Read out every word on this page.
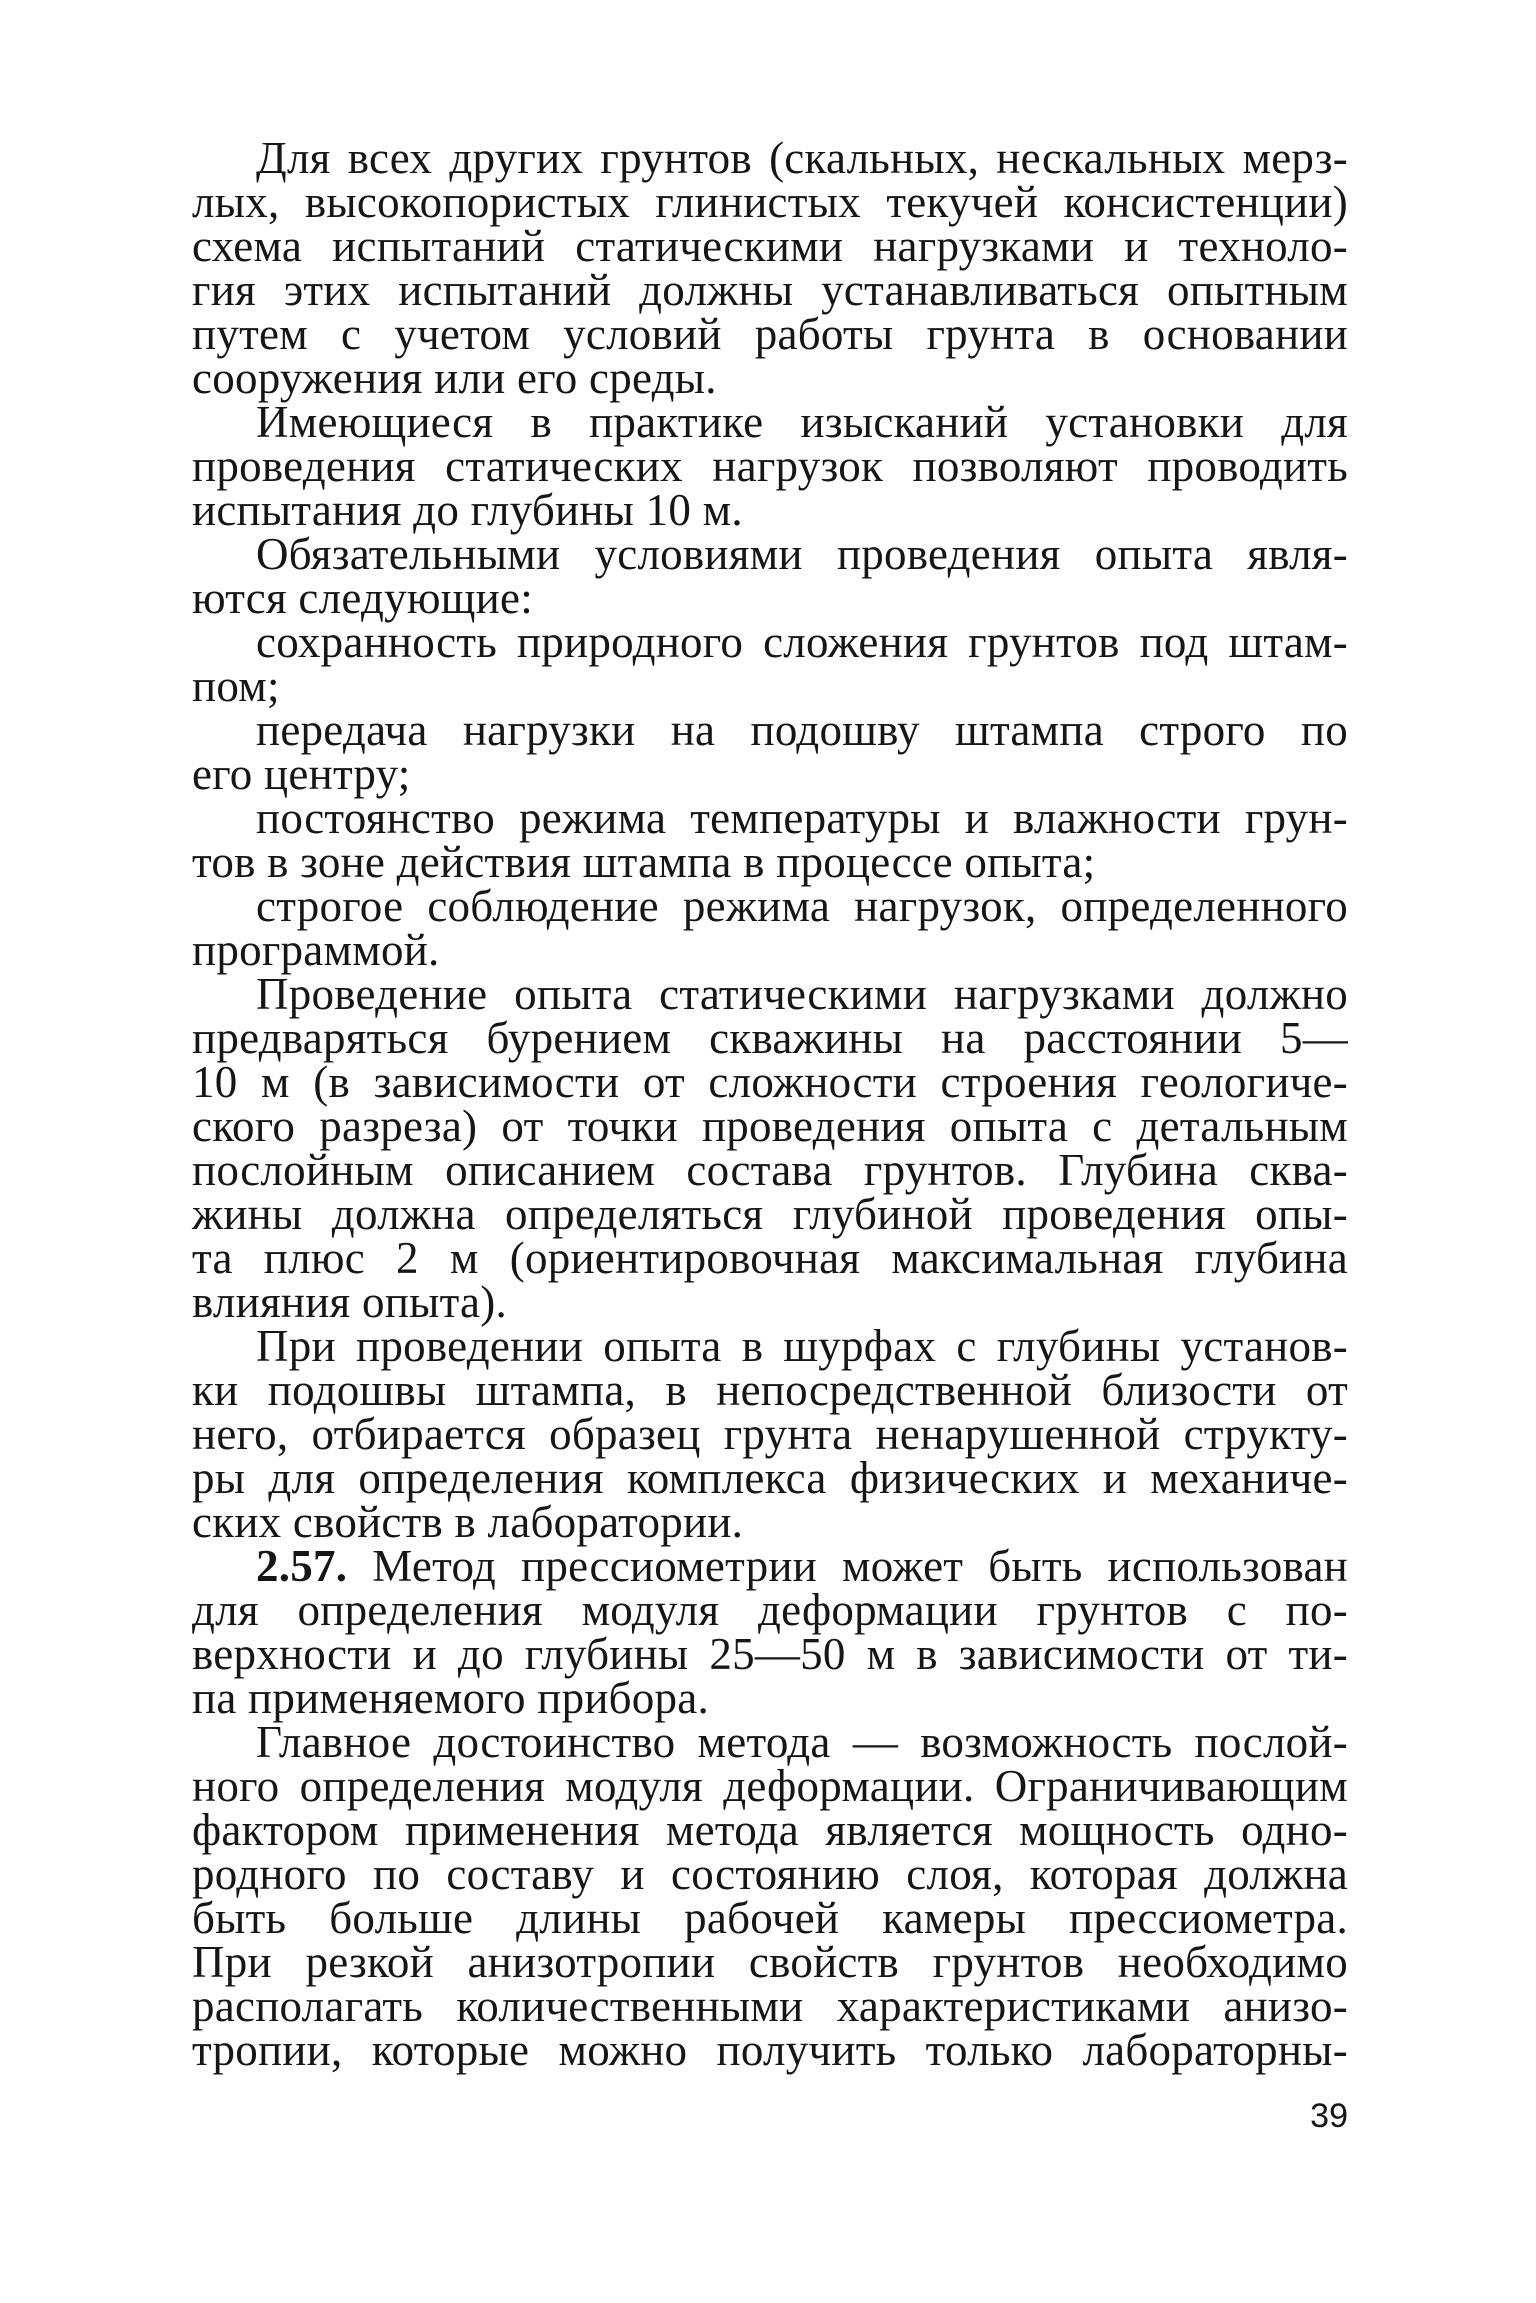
Для всех других грунтов (скальных, нескальных мерз-
лых, высокопористых глинистых текучей консистенции)
схема испытаний статическими нагрузками и техноло-
гия этих испытаний должны устанавливаться опытным
путем с учетом условий работы грунта в основании
сооружения или его среды.

Имеющиеся в практике изысканий установки для
проведения статических нагрузок позволяют проводить
испытания до глубины 10 м.

Обязательными условиями проведения опыта явля-
ются следующие:

сохранность природного сложения грунтов под штам-
пом;

передача нагрузки на подошву штампа строго по
его центру;

постоянство режима температуры и влажности грун-
тов в зоне действия штампа в процессе опыта;

строгое соблюдение режима нагрузок, определенного
программой.

Проведение опыта статическими нагрузками должно
предваряться бурением скважины на расстоянии 5—
10 м (в зависимости от сложности строения геологиче-
ского разреза) от точки проведения опыта с детальным
послойным описанием состава грунтов. Глубина сква-
жины должна определяться глубиной проведения опы-
та плюс 2 м (ориентировочная максимальная глубина
влияния опыта).

При проведении опыта в шурфах с глубины установ-
ки подошвы штампа, в непосредственной близости от
него, отбирается образец грунта ненарушенной структу-
ры для определения комплекса физических и механиче-
ских свойств в лаборатории.

2.57. Метод прессиометрии может быть использован
для определения модуля деформации грунтов с по-
верхности и до глубины 25—50 м в зависимости от ти-
па применяемого прибора.

Главное достоинство метода — возможность послой-
ного определения модуля деформации. Ограничивающим
фактором применения метода является мощность одно-
родного по составу и состоянию слоя, которая должна
быть больше длины рабочей камеры прессиометра.
При резкой анизотропии свойств грунтов необходимо
располагать количественными характеристиками анизо-
тропии, которые можно получить только лабораторны-

39
